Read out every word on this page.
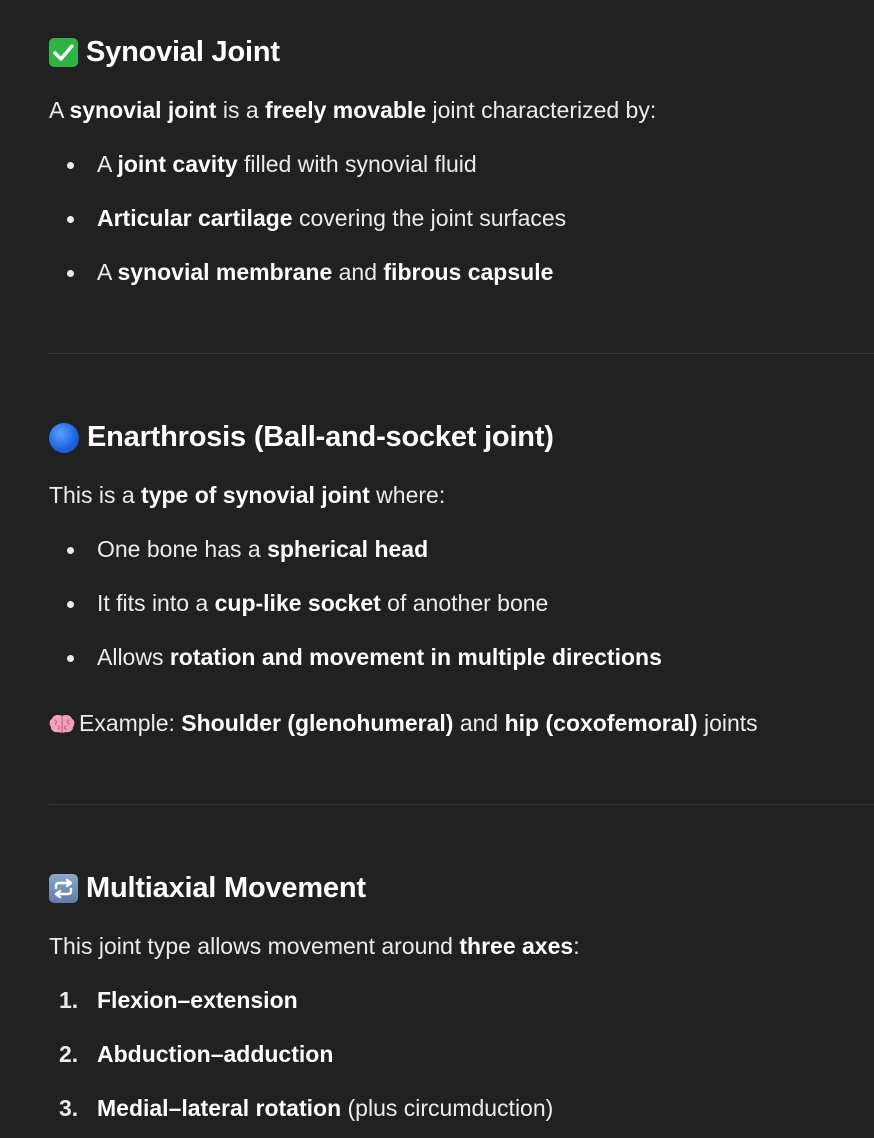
Synovial Joint

A synovial joint is a freely movable joint characterized by:

A joint cavity filled with synovial fluid
Articular cartilage covering the joint surfaces
A synovial membrane and fibrous capsule
Enarthrosis (Ball-and-socket joint)

This is a type of synovial joint where:

One bone has a spherical head
It fits into a cup-like socket of another bone
Allows rotation and movement in multiple directions

Example: Shoulder (glenohumeral) and hip (coxofemoral) joints

Multiaxial Movement

This joint type allows movement around three axes:

1. Flexion–extension
2. Abduction–adduction
3. Medial–lateral rotation (plus circumduction)
